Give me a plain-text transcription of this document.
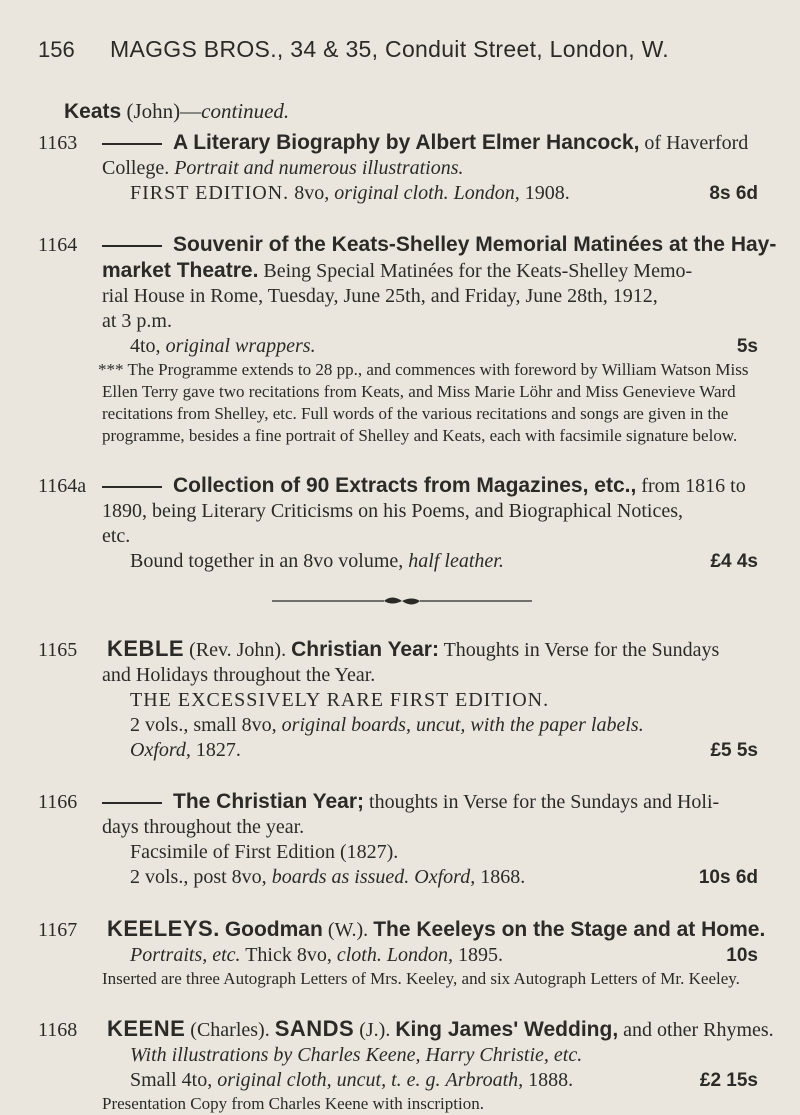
156	MAGGS BROS., 34 & 35, Conduit Street, London, W.
Keats (John)—continued.
1163	A Literary Biography by Albert Elmer Hancock, of Haverford
College. Portrait and numerous illustrations.
FIRST EDITION. 8vo, original cloth. London, 1908.	8s 6d
1164	Souvenir of the Keats-Shelley Memorial Matinées at the Hay-
market Theatre. Being Special Matinées for the Keats-Shelley Memo-
rial House in Rome, Tuesday, June 25th, and Friday, June 28th, 1912,
at 3 p.m.
4to, original wrappers.	5s
*** The Programme extends to 28 pp., and commences with foreword by William Watson Miss Ellen Terry gave two recitations from Keats, and Miss Marie Löhr and Miss Genevieve Ward recitations from Shelley, etc. Full words of the various recitations and songs are given in the programme, besides a fine portrait of Shelley and Keats, each with facsimile signature below.
1164a	Collection of 90 Extracts from Magazines, etc., from 1816 to
1890, being Literary Criticisms on his Poems, and Biographical Notices,
etc.
Bound together in an 8vo volume, half leather.	£4 4s
1165 KEBLE (Rev. John). Christian Year: Thoughts in Verse for the Sundays
and Holidays throughout the Year.
THE EXCESSIVELY RARE FIRST EDITION.
2 vols., small 8vo, original boards, uncut, with the paper labels.
Oxford, 1827.	£5 5s
1166	The Christian Year; thoughts in Verse for the Sundays and Holi-
days throughout the year.
Facsimile of First Edition (1827).
2 vols., post 8vo, boards as issued. Oxford, 1868.	10s 6d
1167 KEELEYS. Goodman (W.). The Keeleys on the Stage and at Home.
Portraits, etc. Thick 8vo, cloth. London, 1895.	10s
Inserted are three Autograph Letters of Mrs. Keeley, and six Autograph Letters of Mr. Keeley.
1168 KEENE (Charles). SANDS (J.). King James' Wedding, and other Rhymes.
With illustrations by Charles Keene, Harry Christie, etc.
Small 4to, original cloth, uncut, t. e. g. Arbroath, 1888.	£2 15s
Presentation Copy from Charles Keene with inscription.
